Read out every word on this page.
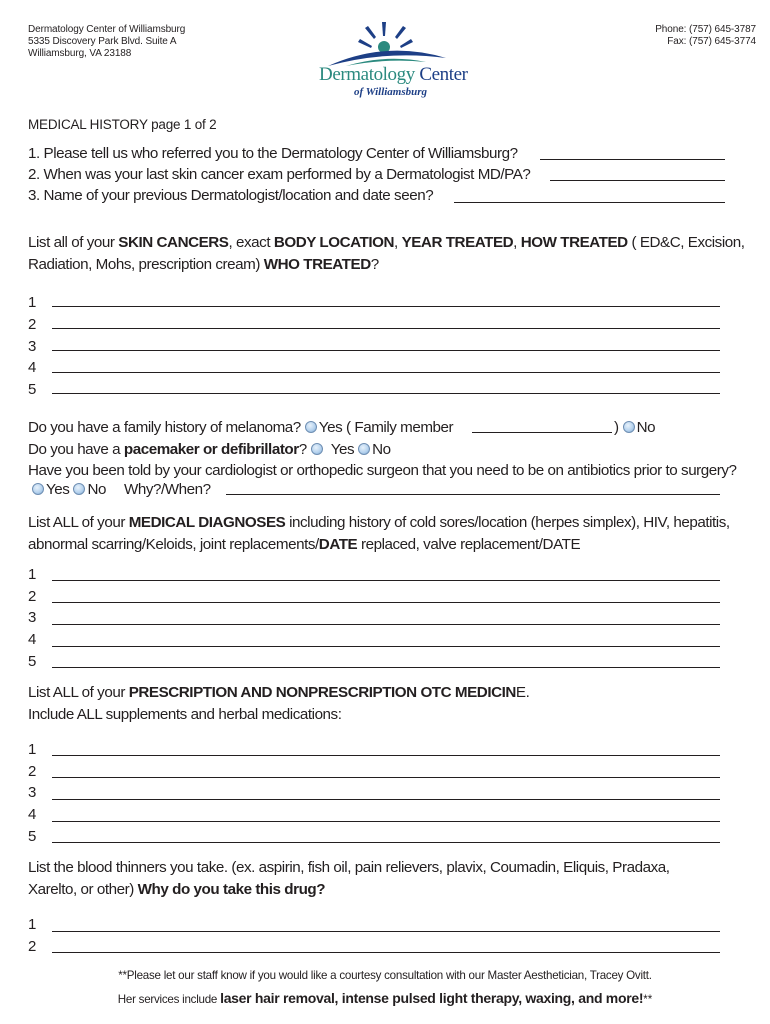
Dermatology Center of Williamsburg
5335 Discovery Park Blvd. Suite A
Williamsburg, VA 23188
Phone: (757) 645-3787
Fax: (757) 645-3774
Dermatology Center
of Williamsburg
MEDICAL HISTORY page 1 of 2
1. Please tell us who referred you to the Dermatology Center of Williamsburg?
2. When was your last skin cancer exam performed by a Dermatologist MD/PA?
3. Name of your previous Dermatologist/location and date seen?
List all of your SKIN CANCERS, exact BODY LOCATION, YEAR TREATED, HOW TREATED ( ED&C, Excision,
Radiation, Mohs, prescription cream) WHO TREATED?
1
2
3
4
5
Do you have a family history of melanoma? Yes ( Family member	) No
Do you have a pacemaker or defibrillator? Yes No
Have you been told by your cardiologist or orthopedic surgeon that you need to be on antibiotics prior to surgery?
Yes No Why?/When?
List ALL of your MEDICAL DIAGNOSES including history of cold sores/location (herpes simplex), HIV, hepatitis,
abnormal scarring/Keloids, joint replacements/DATE replaced, valve replacement/DATE
1
2
3
4
5
List ALL of your PRESCRIPTION AND NONPRESCRIPTION OTC MEDICINE.
Include ALL supplements and herbal medications:
1
2
3
4
5
List the blood thinners you take. (ex. aspirin, fish oil, pain relievers, plavix, Coumadin, Eliquis, Pradaxa,
Xarelto, or other) Why do you take this drug?
1
2
**Please let our staff know if you would like a courtesy consultation with our Master Aesthetician, Tracey Ovitt.
Her services include laser hair removal, intense pulsed light therapy, waxing, and more!**
